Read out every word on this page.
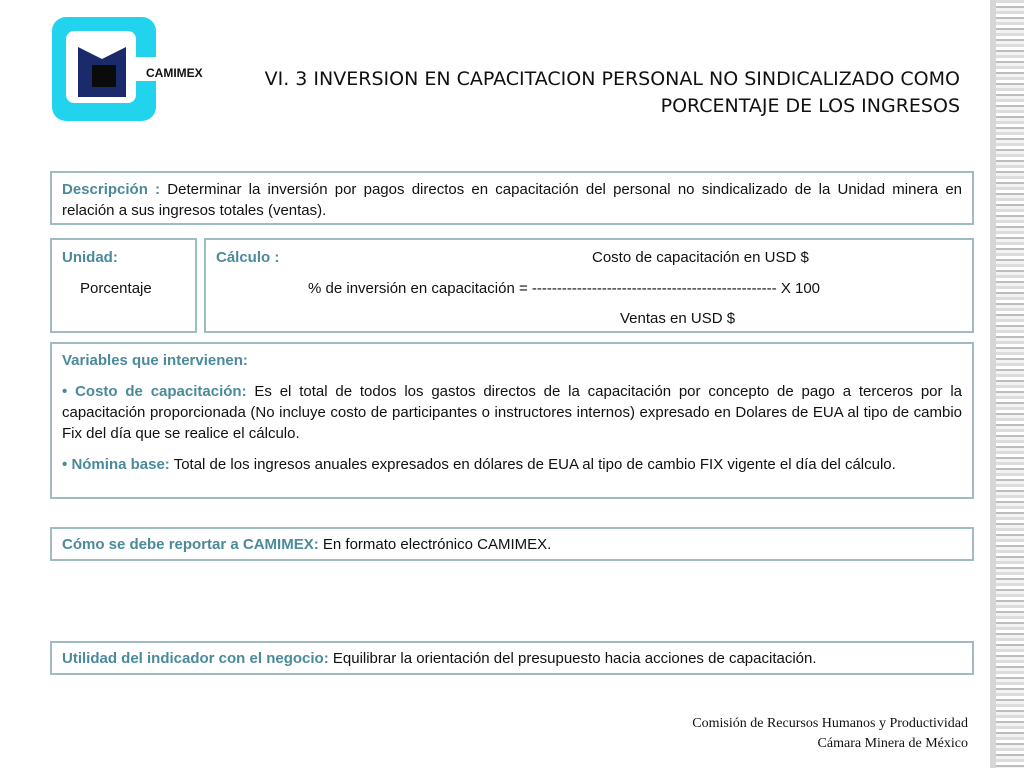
CAMIMEX	VI. 3 INVERSION EN CAPACITACION PERSONAL NO SINDICALIZADO COMO
PORCENTAJE DE LOS INGRESOS
Descripción : Determinar la inversión por pagos directos en capacitación del personal no sindicalizado de la Unidad minera en relación a sus ingresos totales (ventas).
Unidad:
Porcentaje
Cálculo :	Costo de capacitación en USD $
% de inversión en capacitación = ------------------------------------------------- X 100
Ventas en USD $
Variables que intervienen:
• Costo de capacitación: Es el total de todos los gastos directos de la capacitación por concepto de pago a terceros por la capacitación proporcionada (No incluye costo de participantes o instructores internos) expresado en Dolares de EUA al tipo de cambio Fix del día que se realice el cálculo.
• Nómina base: Total de los ingresos anuales expresados en dólares de EUA al tipo de cambio FIX vigente el día del cálculo.
Cómo se debe reportar a CAMIMEX: En formato electrónico CAMIMEX.
Utilidad del indicador con el negocio: Equilibrar la orientación del presupuesto hacia acciones de capacitación.
Comisión de Recursos Humanos y Productividad
Cámara Minera de México
